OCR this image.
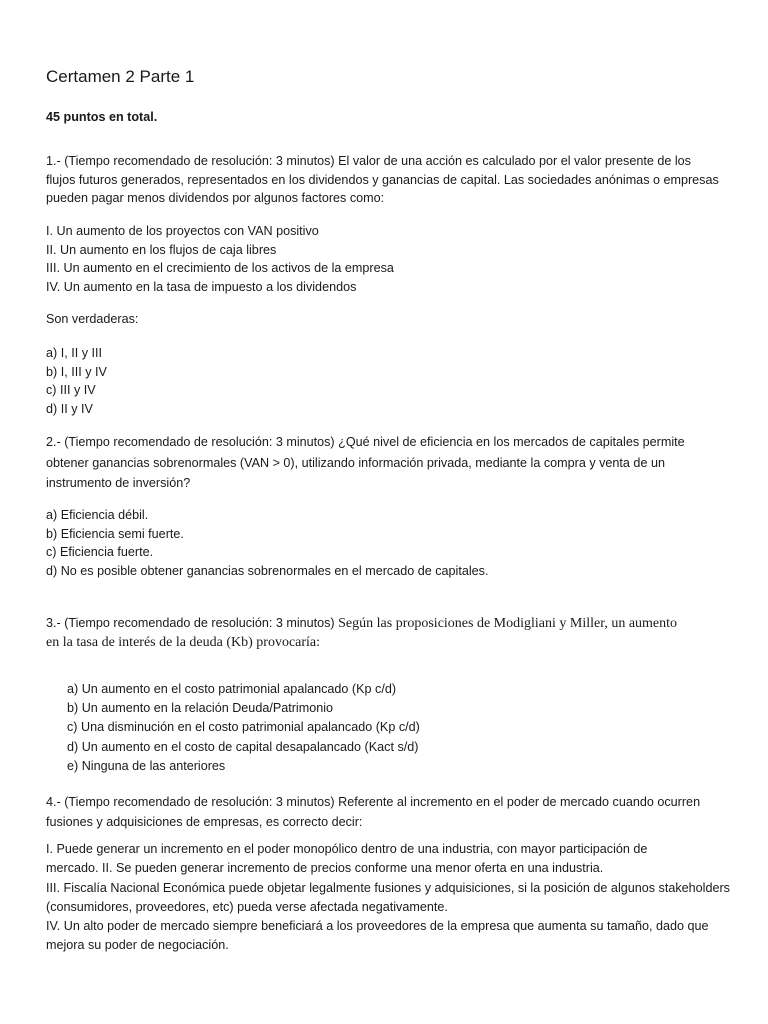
Certamen 2 Parte 1
45 puntos en total.
1.- (Tiempo recomendado de resolución: 3 minutos) El valor de una acción es calculado por el valor presente de los
flujos futuros generados, representados en los dividendos y ganancias de capital. Las sociedades anónimas o empresas
pueden pagar menos dividendos por algunos factores como:
I. Un aumento de los proyectos con VAN positivo
II. Un aumento en los flujos de caja libres
III. Un aumento en el crecimiento de los activos de la empresa
IV. Un aumento en la tasa de impuesto a los dividendos
Son verdaderas:
a) I, II y III
b) I, III y IV
c) III y IV
d) II y IV
2.- (Tiempo recomendado de resolución: 3 minutos) ¿Qué nivel de eficiencia en los mercados de capitales permite
obtener ganancias sobrenormales (VAN > 0), utilizando información privada, mediante la compra y venta de un
instrumento de inversión?
a) Eficiencia débil.
b) Eficiencia semi fuerte.
c) Eficiencia fuerte.
d) No es posible obtener ganancias sobrenormales en el mercado de capitales.
3.- (Tiempo recomendado de resolución: 3 minutos) Según las proposiciones de Modigliani y Miller, un aumento
en la tasa de interés de la deuda (Kb) provocaría:
a) Un aumento en el costo patrimonial apalancado (Kp c/d)
b) Un aumento en la relación Deuda/Patrimonio
c) Una disminución en el costo patrimonial apalancado (Kp c/d)
d) Un aumento en el costo de capital desapalancado (Kact s/d)
e) Ninguna de las anteriores
4.- (Tiempo recomendado de resolución: 3 minutos) Referente al incremento en el poder de mercado cuando ocurren
fusiones y adquisiciones de empresas, es correcto decir:
I. Puede generar un incremento en el poder monopólico dentro de una industria, con mayor participación de
mercado. II. Se pueden generar incremento de precios conforme una menor oferta en una industria.
III. Fiscalía Nacional Económica puede objetar legalmente fusiones y adquisiciones, si la posición de algunos stakeholders
(consumidores, proveedores, etc) pueda verse afectada negativamente.
IV. Un alto poder de mercado siempre beneficiará a los proveedores de la empresa que aumenta su tamaño, dado que
mejora su poder de negociación.
